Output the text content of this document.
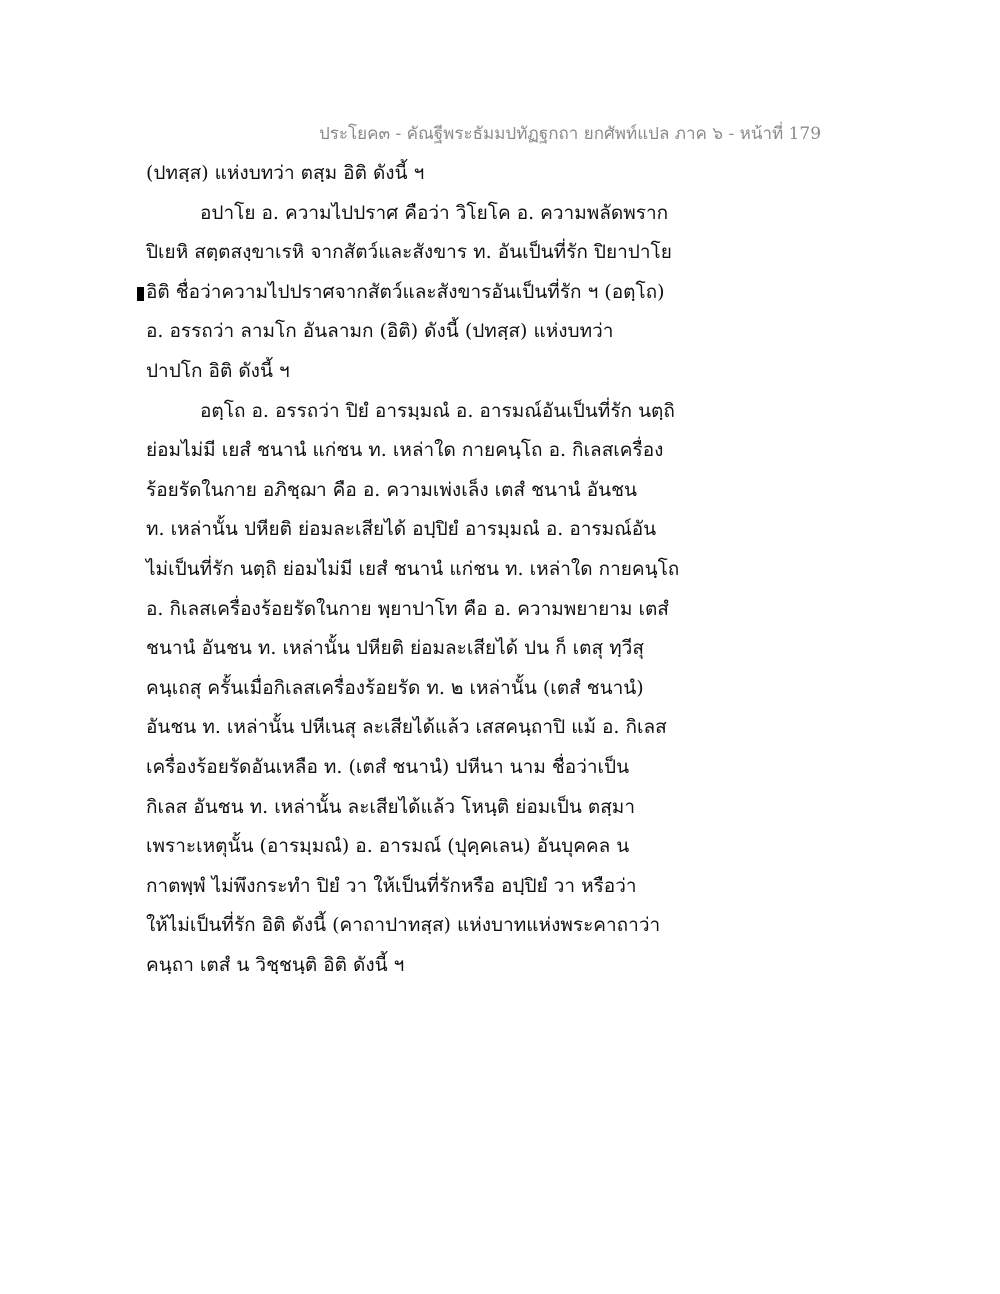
ประโยค๓ - คัณฐีพระธัมมปทัฏฐกถา ยกศัพท์แปล ภาค ๖ - หน้าที่ 179
(ปทสฺส) แห่งบทว่า ตสฺม อิติ ดังนี้ ฯ
อปาโย อ. ความไปปราศ คือว่า วิโยโค อ. ความพลัดพราก
ปิเยหิ สตฺตสงฺขาเรหิ จากสัตว์และสังขาร ท. อันเป็นที่รัก ปิยาปาโย
อิติ ชื่อว่าความไปปราศจากสัตว์และสังขารอันเป็นที่รัก ฯ (อตฺโถ)
อ. อรรถว่า ลามโก อันลามก (อิติ) ดังนี้ (ปทสฺส) แห่งบทว่า
ปาปโก อิติ ดังนี้ ฯ
อตฺโถ อ. อรรถว่า ปิยํ อารมฺมณํ อ. อารมณ์อันเป็นที่รัก นตฺถิ
ย่อมไม่มี เยสํ ชนานํ แก่ชน ท. เหล่าใด กายคนฺโถ อ. กิเลสเครื่อง
ร้อยรัดในกาย อภิชฺฌา คือ อ. ความเพ่งเล็ง เตสํ ชนานํ อันชน
ท. เหล่านั้น ปหียติ ย่อมละเสียได้ อปฺปิยํ อารมฺมณํ อ. อารมณ์อัน
ไม่เป็นที่รัก นตฺถิ ย่อมไม่มี เยสํ ชนานํ แก่ชน ท. เหล่าใด กายคนฺโถ
อ. กิเลสเครื่องร้อยรัดในกาย พฺยาปาโท คือ อ. ความพยายาม เตสํ
ชนานํ อันชน ท. เหล่านั้น ปหียติ ย่อมละเสียได้ ปน ก็ เตสุ ทฺวีสุ
คนฺเถสุ ครั้นเมื่อกิเลสเครื่องร้อยรัด ท. ๒ เหล่านั้น (เตสํ ชนานํ)
อันชน ท. เหล่านั้น ปหีเนสุ ละเสียได้แล้ว เสสคนฺถาปิ แม้ อ. กิเลส
เครื่องร้อยรัดอันเหลือ ท. (เตสํ ชนานํ) ปหีนา นาม ชื่อว่าเป็น
กิเลส อันชน ท. เหล่านั้น ละเสียได้แล้ว โหนฺติ ย่อมเป็น ตสฺมา
เพราะเหตุนั้น (อารมฺมณํ) อ. อารมณ์ (ปุคฺคเลน) อันบุคคล น
กาตพฺพํ ไม่พึงกระทำ ปิยํ วา ให้เป็นที่รักหรือ อปฺปิยํ วา หรือว่า
ให้ไม่เป็นที่รัก อิติ ดังนี้ (คาถาปาทสฺส) แห่งบาทแห่งพระคาถาว่า
คนฺถา เตสํ น วิชฺชนฺติ อิติ ดังนี้ ฯ
